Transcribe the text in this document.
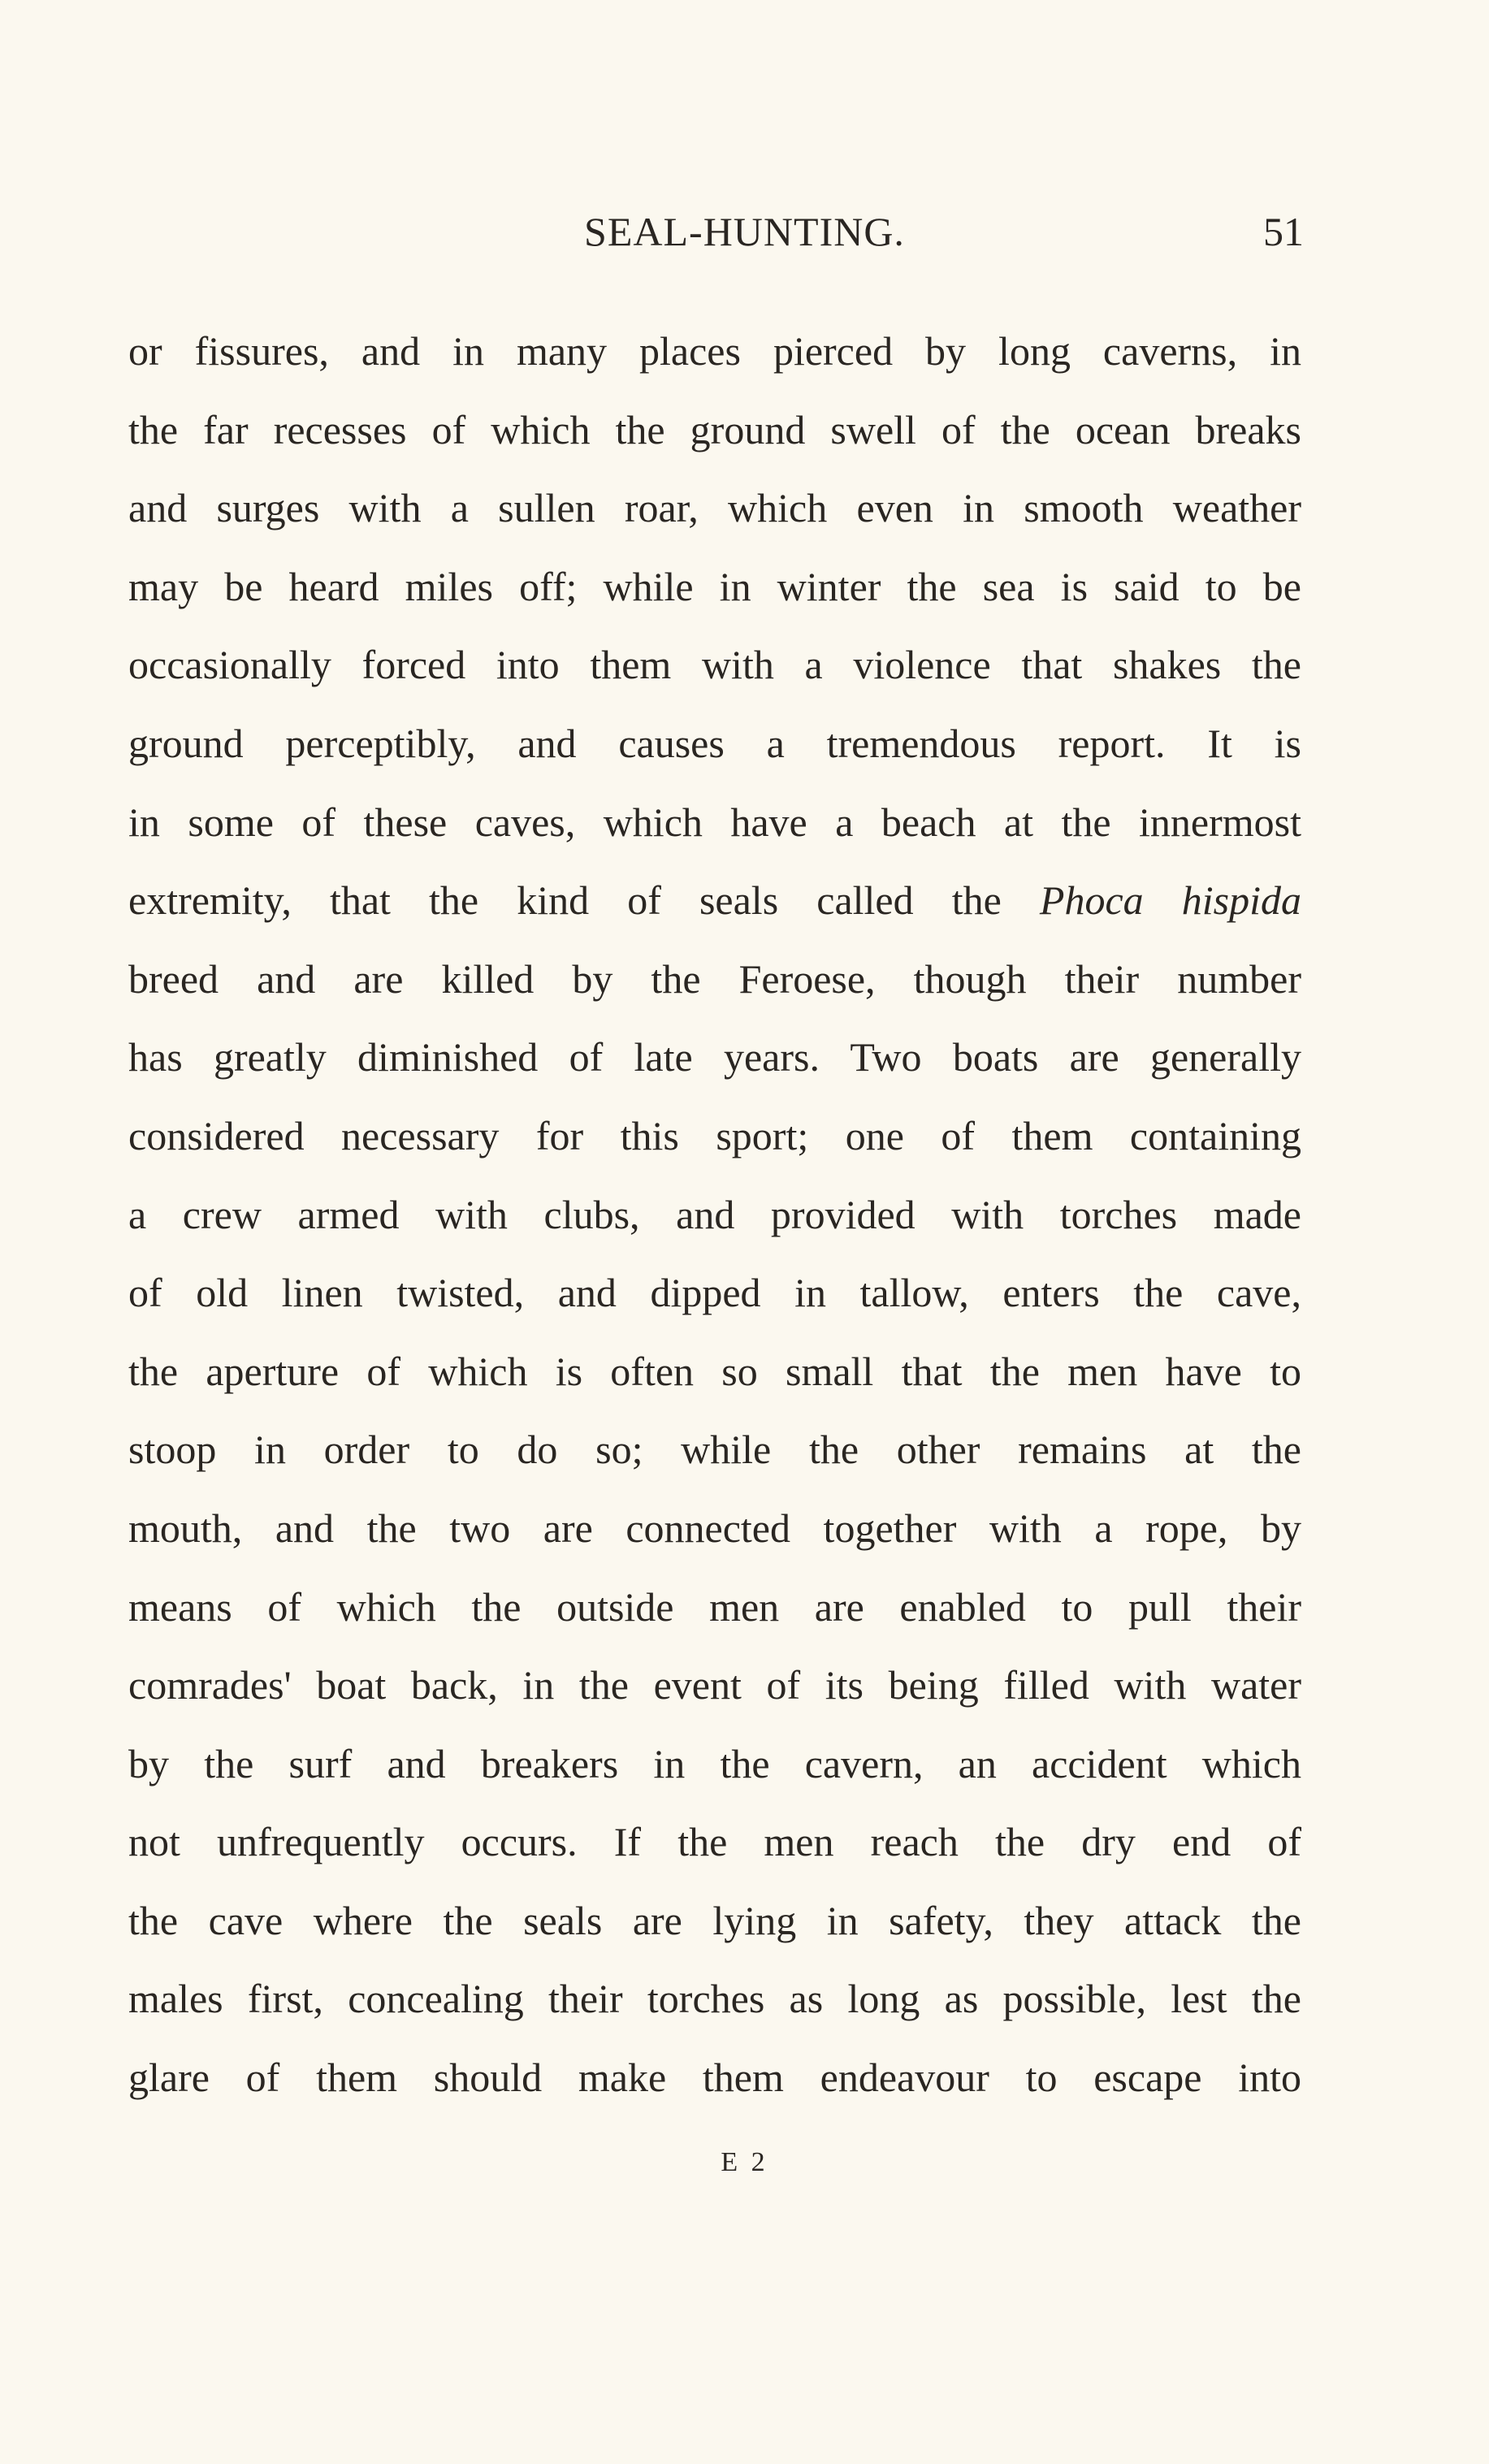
SEAL-HUNTING.	51
or fissures, and in many places pierced by long caverns, in
the far recesses of which the ground swell of the ocean breaks
and surges with a sullen roar, which even in smooth weather
may be heard miles off; while in winter the sea is said to be
occasionally forced into them with a violence that shakes the
ground perceptibly, and causes a tremendous report. It is
in some of these caves, which have a beach at the innermost
extremity, that the kind of seals called the Phoca hispida
breed and are killed by the Feroese, though their number
has greatly diminished of late years. Two boats are generally
considered necessary for this sport; one of them containing
a crew armed with clubs, and provided with torches made
of old linen twisted, and dipped in tallow, enters the cave,
the aperture of which is often so small that the men have to
stoop in order to do so; while the other remains at the
mouth, and the two are connected together with a rope, by
means of which the outside men are enabled to pull their
comrades' boat back, in the event of its being filled with water
by the surf and breakers in the cavern, an accident which
not unfrequently occurs. If the men reach the dry end of
the cave where the seals are lying in safety, they attack the
males first, concealing their torches as long as possible, lest the
glare of them should make them endeavour to escape into
E 2
